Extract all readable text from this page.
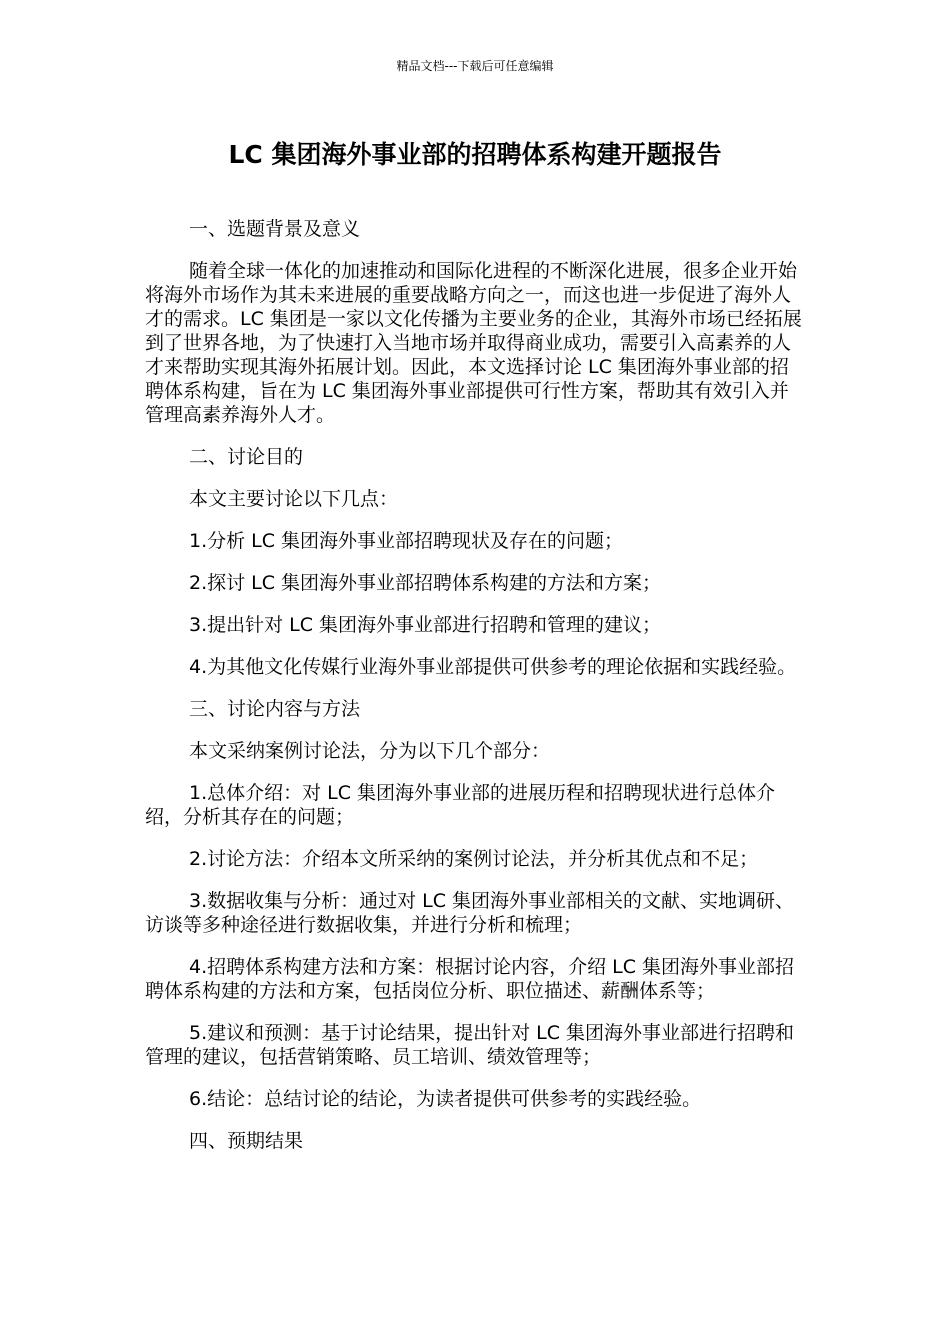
精品文档---下载后可任意编辑
LC 集团海外事业部的招聘体系构建开题报告

一、选题背景及意义

随着全球一体化的加速推动和国际化进程的不断深化进展，很多企业开始将海外市场作为其未来进展的重要战略方向之一，而这也进一步促进了海外人才的需求。LC 集团是一家以文化传播为主要业务的企业，其海外市场已经拓展到了世界各地，为了快速打入当地市场并取得商业成功，需要引入高素养的人才来帮助实现其海外拓展计划。因此，本文选择讨论 LC 集团海外事业部的招聘体系构建，旨在为 LC 集团海外事业部提供可行性方案，帮助其有效引入并管理高素养海外人才。

二、讨论目的

本文主要讨论以下几点：

1.分析 LC 集团海外事业部招聘现状及存在的问题；

2.探讨 LC 集团海外事业部招聘体系构建的方法和方案；

3.提出针对 LC 集团海外事业部进行招聘和管理的建议；

4.为其他文化传媒行业海外事业部提供可供参考的理论依据和实践经验。

三、讨论内容与方法

本文采纳案例讨论法，分为以下几个部分：

1.总体介绍：对 LC 集团海外事业部的进展历程和招聘现状进行总体介绍，分析其存在的问题；

2.讨论方法：介绍本文所采纳的案例讨论法，并分析其优点和不足；

3.数据收集与分析：通过对 LC 集团海外事业部相关的文献、实地调研、访谈等多种途径进行数据收集，并进行分析和梳理；

4.招聘体系构建方法和方案：根据讨论内容，介绍 LC 集团海外事业部招聘体系构建的方法和方案，包括岗位分析、职位描述、薪酬体系等；

5.建议和预测：基于讨论结果，提出针对 LC 集团海外事业部进行招聘和管理的建议，包括营销策略、员工培训、绩效管理等；

6.结论：总结讨论的结论，为读者提供可供参考的实践经验。

四、预期结果
